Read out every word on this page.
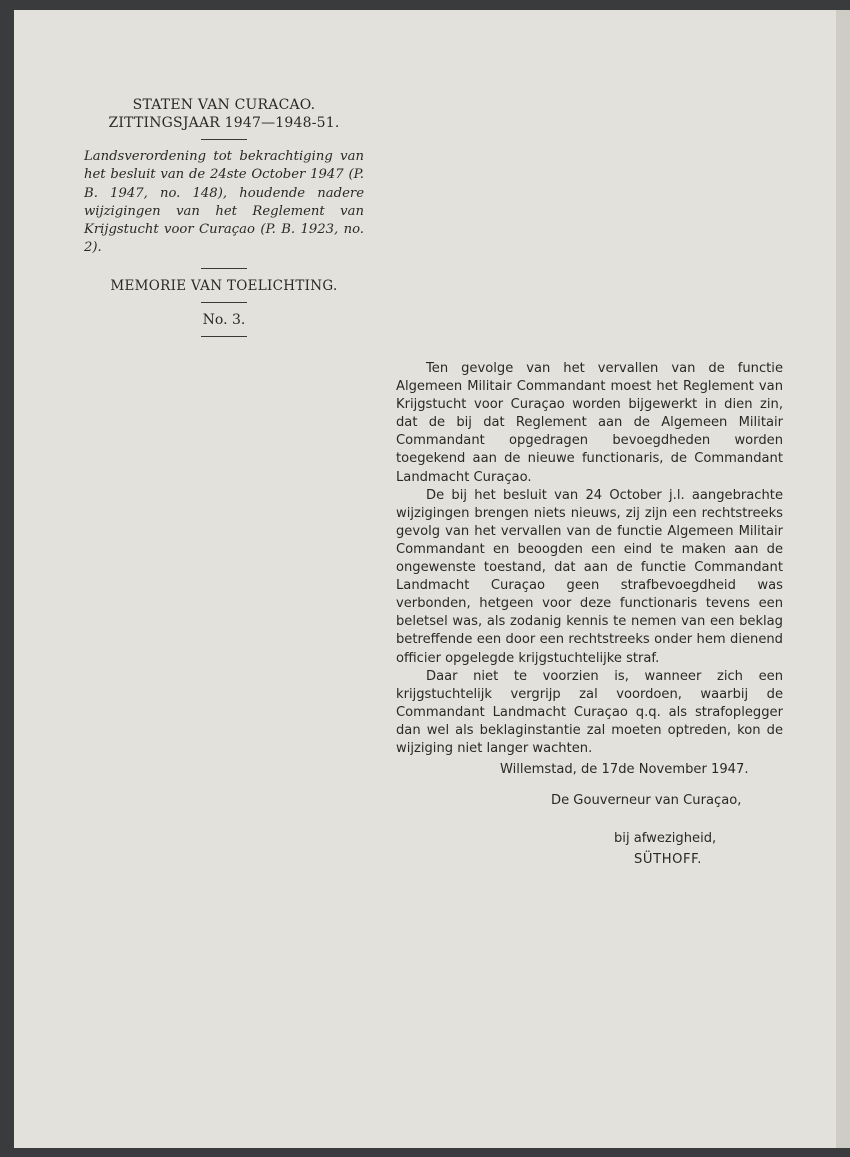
STATEN VAN CURACAO.
ZITTINGSJAAR 1947—1948-51.
Landsverordening tot bekrachtiging van het besluit van de 24ste October 1947 (P. B. 1947, no. 148), houdende nadere wijzigingen van het Reglement van Krijgstucht voor Curaçao (P. B. 1923, no. 2).
MEMORIE VAN TOELICHTING.
No. 3.

Ten gevolge van het vervallen van de functie Algemeen Militair Commandant moest het Reglement van Krijgstucht voor Curaçao worden bijgewerkt in dien zin, dat de bij dat Reglement aan de Algemeen Militair Commandant opgedragen bevoegdheden worden toegekend aan de nieuwe functionaris, de Commandant Landmacht Curaçao.

De bij het besluit van 24 October j.l. aangebrachte wijzigingen brengen niets nieuws, zij zijn een rechtstreeks gevolg van het vervallen van de functie Algemeen Militair Commandant en beoogden een eind te maken aan de ongewenste toestand, dat aan de functie Commandant Landmacht Curaçao geen strafbevoegdheid was verbonden, hetgeen voor deze functionaris tevens een beletsel was, als zodanig kennis te nemen van een beklag betreffende een door een rechtstreeks onder hem dienend officier opgelegde krijgstuchtelijke straf.

Daar niet te voorzien is, wanneer zich een krijgstuchtelijk vergrijp zal voordoen, waarbij de Commandant Landmacht Curaçao q.q. als strafoplegger dan wel als beklaginstantie zal moeten optreden, kon de wijziging niet langer wachten.

Willemstad, de 17de November 1947.
De Gouverneur van Curaçao,
bij afwezigheid,
SÜTHOFF.
